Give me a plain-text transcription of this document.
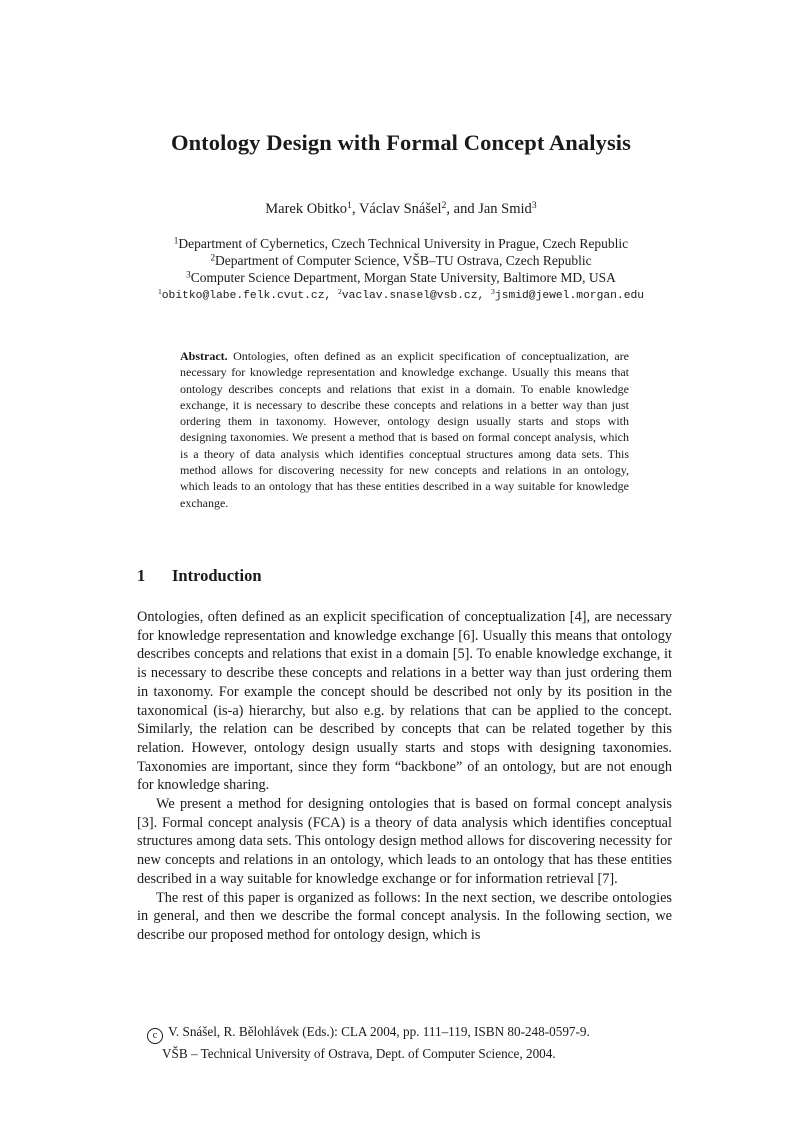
Ontology Design with Formal Concept Analysis
Marek Obitko$^1$, Václav Snášel$^2$, and Jan Smid$^3$
$^1$Department of Cybernetics, Czech Technical University in Prague, Czech Republic
$^2$Department of Computer Science, VŠB–TU Ostrava, Czech Republic
$^3$Computer Science Department, Morgan State University, Baltimore MD, USA
$^1$obitko@labe.felk.cvut.cz, $^2$vaclav.snasel@vsb.cz, $^3$jsmid@jewel.morgan.edu

Abstract. Ontologies, often defined as an explicit specification of conceptualization, are necessary for knowledge representation and knowledge exchange. Usually this means that ontology describes concepts and relations that exist in a domain. To enable knowledge exchange, it is necessary to describe these concepts and relations in a better way than just ordering them in taxonomy. However, ontology design usually starts and stops with designing taxonomies. We present a method that is based on formal concept analysis, which is a theory of data analysis which identifies conceptual structures among data sets. This method allows for discovering necessity for new concepts and relations in an ontology, which leads to an ontology that has these entities described in a way suitable for knowledge exchange.

1 Introduction

Ontologies, often defined as an explicit specification of conceptualization [4], are necessary for knowledge representation and knowledge exchange [6]. Usually this means that ontology describes concepts and relations that exist in a domain [5]. To enable knowledge exchange, it is necessary to describe these concepts and relations in a better way than just ordering them in taxonomy. For example the concept should be described not only by its position in the taxonomical (is-a) hierarchy, but also e.g. by relations that can be applied to the concept. Similarly, the relation can be described by concepts that can be related together by this relation. However, ontology design usually starts and stops with designing taxonomies. Taxonomies are important, since they form “backbone” of an ontology, but are not enough for knowledge sharing.

We present a method for designing ontologies that is based on formal concept analysis [3]. Formal concept analysis (FCA) is a theory of data analysis which identifies conceptual structures among data sets. This ontology design method allows for discovering necessity for new concepts and relations in an ontology, which leads to an ontology that has these entities described in a way suitable for knowledge exchange or for information retrieval [7].

The rest of this paper is organized as follows: In the next section, we describe ontologies in general, and then we describe the formal concept analysis. In the following section, we describe our proposed method for ontology design, which is

c V. Snášel, R. Bělohlávek (Eds.): CLA 2004, pp. 111–119, ISBN 80-248-0597-9.
VŠB – Technical University of Ostrava, Dept. of Computer Science, 2004.
